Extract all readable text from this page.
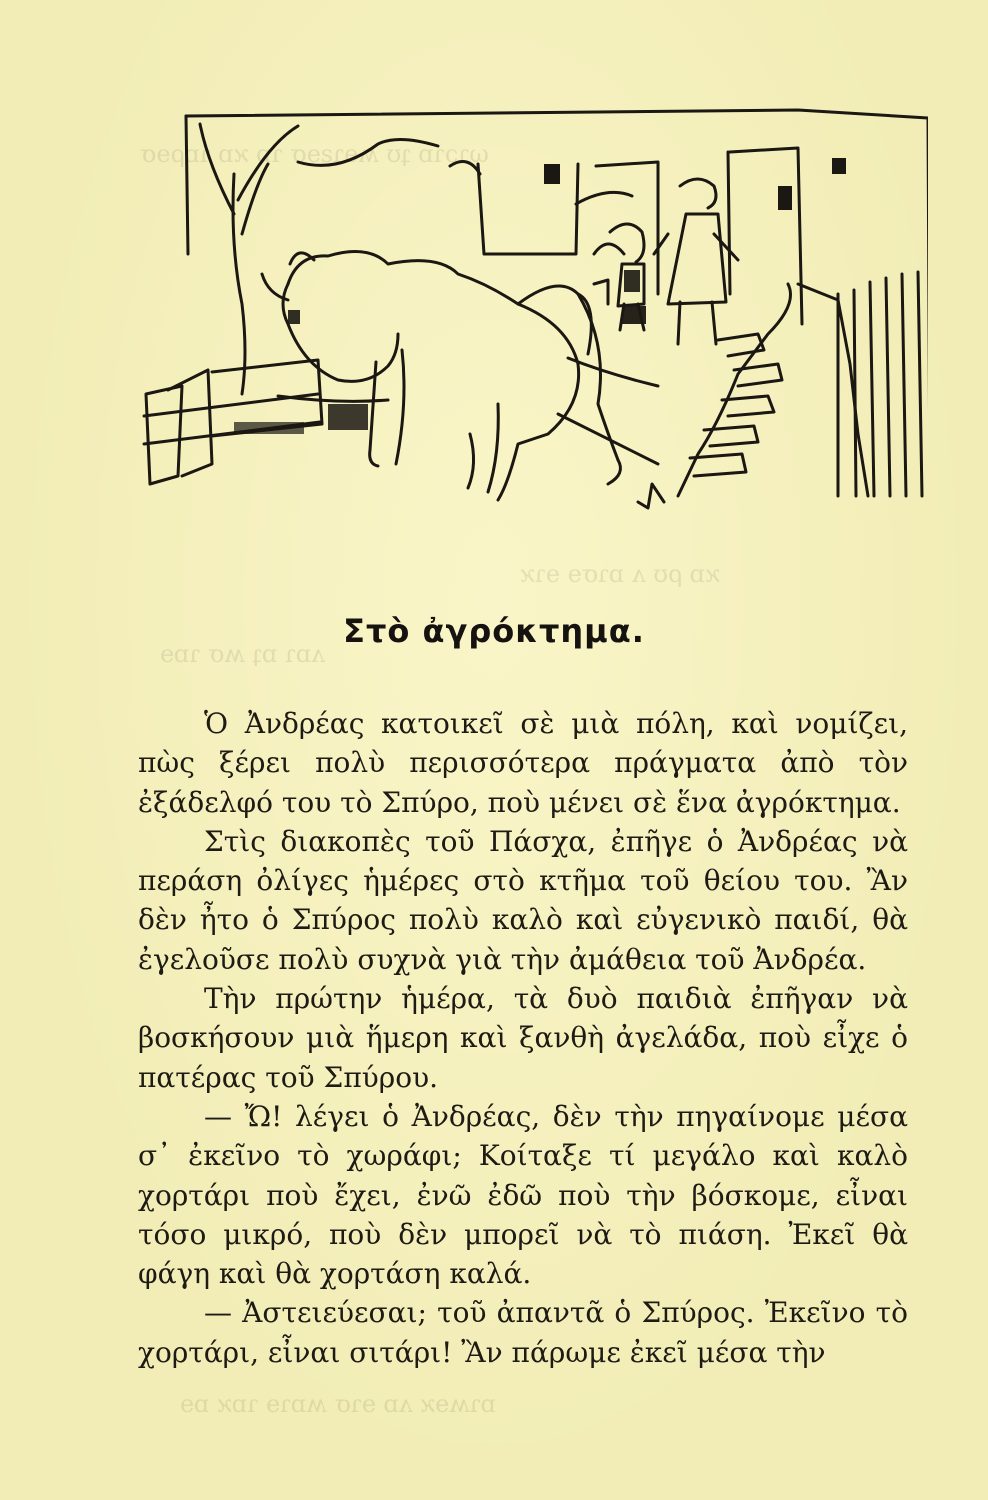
ωɿɔɿɒ ʇʊ ʍɘɿƨɘσ ɿɒ ϰɒ ɿɒρɘσ
ϰɒ ρʊ ʌ ɒɿσɘ ɘɿϰ
ʌɒɿ ɒʇ ʍσ ɿɒɘ
ɒɿʍɘϰ ʌɒ ɘɿσ ʍɒɿɘ ɿɒϰ ɒɘ
Στὸ ἀγρόκτημα.

Ὁ Ἀνδρέας κατοικεῖ σὲ μιὰ πόλη, καὶ νομίζει, πὼς ξέρει πολὺ περισσότερα πράγματα ἀπὸ τὸν ἐξάδελφό του τὸ Σπύρο, ποὺ μένει σὲ ἕνα ἀγρόκτημα.

Στὶς διακοπὲς τοῦ Πάσχα, ἐπῆγε ὁ Ἀνδρέας νὰ περάση ὀλίγες ἡμέρες στὸ κτῆμα τοῦ θείου του. Ἂν δὲν ἦτο ὁ Σπύρος πολὺ καλὸ καὶ εὐγενικὸ παιδί, θὰ ἐγελοῦσε πολὺ συχνὰ γιὰ τὴν ἀμάθεια τοῦ Ἀνδρέα.

Τὴν πρώτην ἡμέρα, τὰ δυὸ παιδιὰ ἐπῆγαν νὰ βοσκήσουν μιὰ ἥμερη καὶ ξανθὴ ἀγελάδα, ποὺ εἶχε ὁ πατέρας τοῦ Σπύρου.

— Ὤ! λέγει ὁ Ἀνδρέας, δὲν τὴν πηγαίνομε μέσα σ᾿ ἐκεῖνο τὸ χωράφι; Κοίταξε τί μεγάλο καὶ καλὸ χορτάρι ποὺ ἔχει, ἐνῶ ἐδῶ ποὺ τὴν βόσκομε, εἶναι τόσο μικρό, ποὺ δὲν μπορεῖ νὰ τὸ πιάση. Ἐκεῖ θὰ φάγη καὶ θὰ χορτάση καλά.

— Ἀστειεύεσαι; τοῦ ἀπαντᾶ ὁ Σπύρος. Ἐκεῖνο τὸ χορτάρι, εἶναι σιτάρι! Ἂν πάρωμε ἐκεῖ μέσα τὴν
